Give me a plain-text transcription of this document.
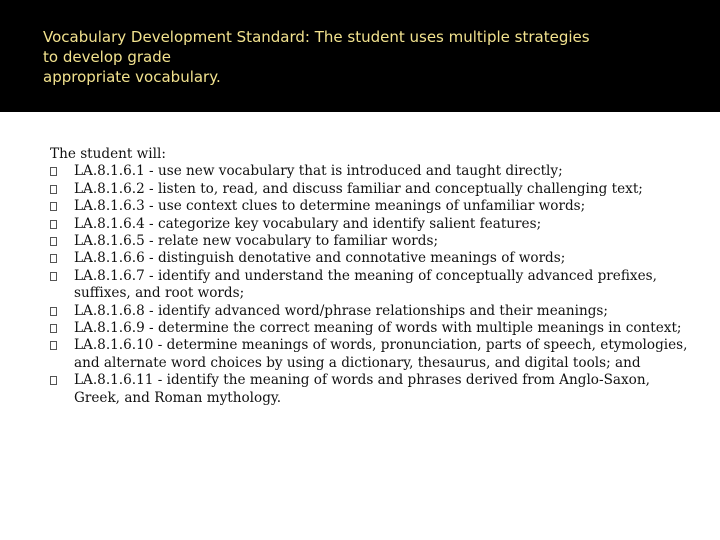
Vocabulary Development Standard: The student uses multiple strategies
to develop grade
appropriate vocabulary.

The student will:

LA.8.1.6.1 - use new vocabulary that is introduced and taught directly;
LA.8.1.6.2 - listen to, read, and discuss familiar and conceptually challenging text;
LA.8.1.6.3 - use context clues to determine meanings of unfamiliar words;
LA.8.1.6.4 - categorize key vocabulary and identify salient features;
LA.8.1.6.5 - relate new vocabulary to familiar words;
LA.8.1.6.6 - distinguish denotative and connotative meanings of words;
LA.8.1.6.7 - identify and understand the meaning of conceptually advanced prefixes, suffixes, and root words;
LA.8.1.6.8 - identify advanced word/phrase relationships and their meanings;
LA.8.1.6.9 - determine the correct meaning of words with multiple meanings in context;
LA.8.1.6.10 - determine meanings of words, pronunciation, parts of speech, etymologies, and alternate word choices by using a dictionary, thesaurus, and digital tools; and
LA.8.1.6.11 - identify the meaning of words and phrases derived from Anglo-Saxon, Greek, and Roman mythology.
